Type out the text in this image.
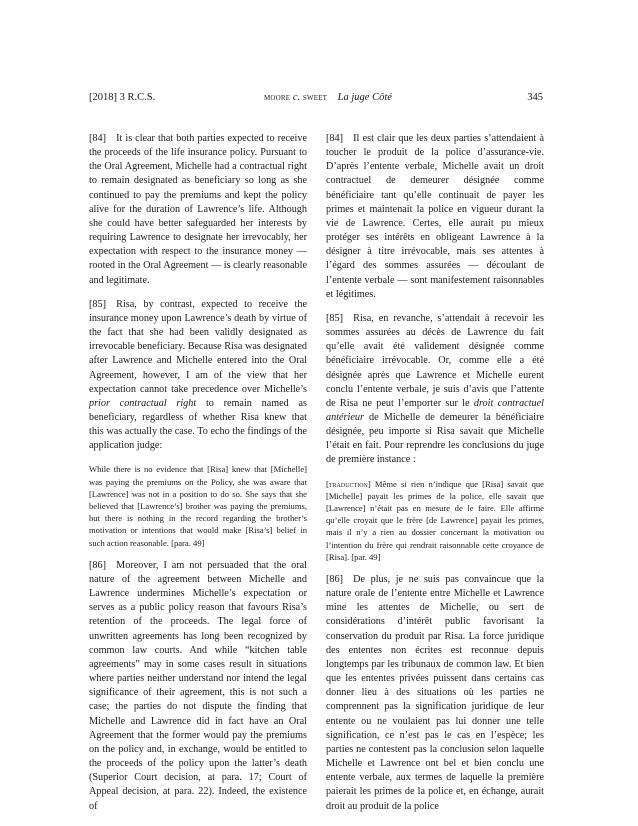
[2018] 3 R.C.S.	moore c. sweet La juge Côté	345

[84] It is clear that both parties expected to receive the proceeds of the life insurance policy. Pursuant to the Oral Agreement, Michelle had a contractual right to remain designated as beneficiary so long as she continued to pay the premiums and kept the policy alive for the duration of Lawrence’s life. Although she could have better safeguarded her interests by requiring Lawrence to designate her irrevocably, her expectation with respect to the insurance money — rooted in the Oral Agreement — is clearly reasonable and legitimate.

[85] Risa, by contrast, expected to receive the insurance money upon Lawrence’s death by virtue of the fact that she had been validly designated as irrevocable beneficiary. Because Risa was designated after Lawrence and Michelle entered into the Oral Agreement, however, I am of the view that her expectation cannot take precedence over Michelle’s prior contractual right to remain named as beneficiary, regardless of whether Risa knew that this was actually the case. To echo the findings of the application judge:

While there is no evidence that [Risa] knew that [Michelle] was paying the premiums on the Policy, she was aware that [Lawrence] was not in a position to do so. She says that she believed that [Lawrence’s] brother was paying the premiums, but there is nothing in the record regarding the brother’s motivation or intentions that would make [Risa’s] belief in such action reasonable. [para. 49]

[86] Moreover, I am not persuaded that the oral nature of the agreement between Michelle and Lawrence undermines Michelle’s expectation or serves as a public policy reason that favours Risa’s retention of the proceeds. The legal force of unwritten agreements has long been recognized by common law courts. And while “kitchen table agreements” may in some cases result in situations where parties neither understand nor intend the legal significance of their agreement, this is not such a case; the parties do not dispute the finding that Michelle and Lawrence did in fact have an Oral Agreement that the former would pay the premiums on the policy and, in exchange, would be entitled to the proceeds of the policy upon the latter’s death (Superior Court decision, at para. 17; Court of Appeal decision, at para. 22). Indeed, the existence of

[84] Il est clair que les deux parties s’attendaient à toucher le produit de la police d’assurance-vie. D’après l’entente verbale, Michelle avait un droit contractuel de demeurer désignée comme bénéficiaire tant qu’elle continuait de payer les primes et maintenait la police en vigueur durant la vie de Lawrence. Certes, elle aurait pu mieux protéger ses intérêts en obligeant Lawrence à la désigner à titre irrévocable, mais ses attentes à l’égard des sommes assurées — découlant de l’entente verbale — sont manifestement raisonnables et légitimes.

[85] Risa, en revanche, s’attendait à recevoir les sommes assurées au décès de Lawrence du fait qu’elle avait été validement désignée comme bénéficiaire irrévocable. Or, comme elle a été désignée après que Lawrence et Michelle eurent conclu l’entente verbale, je suis d’avis que l’attente de Risa ne peut l’emporter sur le droit contractuel antérieur de Michelle de demeurer la bénéficiaire désignée, peu importe si Risa savait que Michelle l’était en fait. Pour reprendre les conclusions du juge de première instance :

[traduction] Même si rien n’indique que [Risa] savait que [Michelle] payait les primes de la police, elle savait que [Lawrence] n’était pas en mesure de le faire. Elle affirme qu’elle croyait que le frère [de Lawrence] payait les primes, mais il n’y a rien au dossier concernant la motivation ou l’intention du frère qui rendrait raisonnable cette croyance de [Risa]. [par. 49]

[86] De plus, je ne suis pas convaincue que la nature orale de l’entente entre Michelle et Lawrence mine les attentes de Michelle, ou sert de considérations d’intérêt public favorisant la conservation du produit par Risa. La force juridique des ententes non écrites est reconnue depuis longtemps par les tribunaux de common law. Et bien que les ententes privées puissent dans certains cas donner lieu à des situations où les parties ne comprennent pas la signification juridique de leur entente ou ne voulaient pas lui donner une telle signification, ce n’est pas le cas en l’espèce; les parties ne contestent pas la conclusion selon laquelle Michelle et Lawrence ont bel et bien conclu une entente verbale, aux termes de laquelle la première paierait les primes de la police et, en échange, aurait droit au produit de la police
